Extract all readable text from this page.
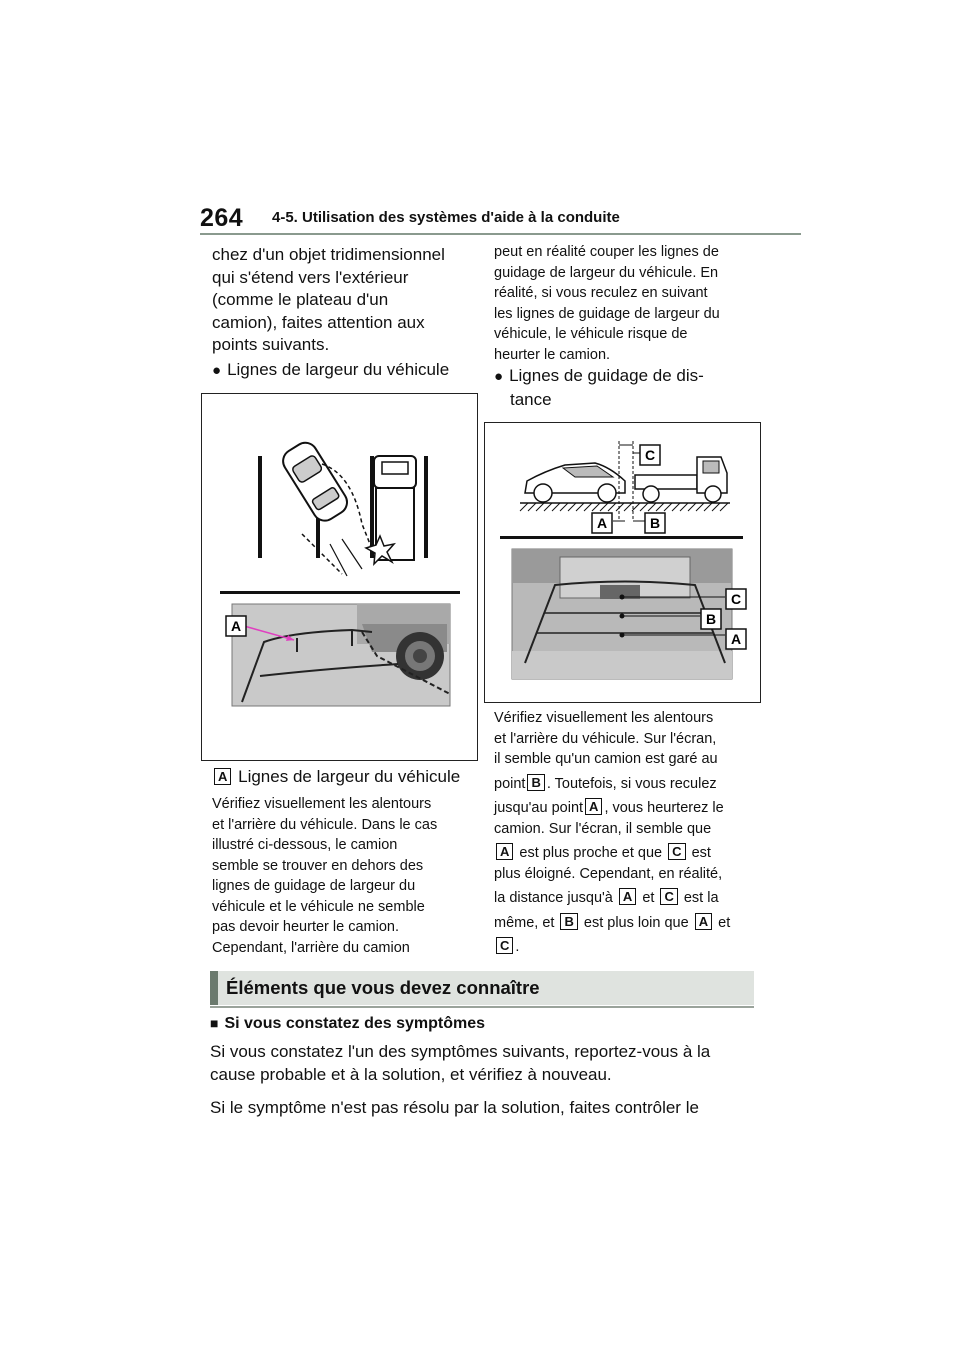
264 4-5. Utilisation des systèmes d'aide à la conduite
chez d'un objet tridimensionnel
qui s'étend vers l'extérieur
(comme le plateau d'un
camion), faites attention aux
points suivants.
● Lignes de largeur du véhicule
A
A Lignes de largeur du véhicule
Vérifiez visuellement les alentours
et l'arrière du véhicule. Dans le cas
illustré ci-dessous, le camion
semble se trouver en dehors des
lignes de guidage de largeur du
véhicule et le véhicule ne semble
pas devoir heurter le camion.
Cependant, l'arrière du camion
peut en réalité couper les lignes de
guidage de largeur du véhicule. En
réalité, si vous reculez en suivant
les lignes de guidage de largeur du
véhicule, le véhicule risque de
heurter le camion.
● Lignes de guidage de dis-
tance
C
A	B
C
B
A
Vérifiez visuellement les alentours
et l'arrière du véhicule. Sur l'écran,
il semble qu'un camion est garé au
point B . Toutefois, si vous reculez
jusqu'au point A , vous heurterez le
camion. Sur l'écran, il semble que
A est plus proche et que C est
plus éloigné. Cependant, en réalité,
la distance jusqu'à A et C est la
même, et B est plus loin que A et
C .
Éléments que vous devez connaître
■ Si vous constatez des symptômes
Si vous constatez l'un des symptômes suivants, reportez-vous à la
cause probable et à la solution, et vérifiez à nouveau.
Si le symptôme n'est pas résolu par la solution, faites contrôler le
